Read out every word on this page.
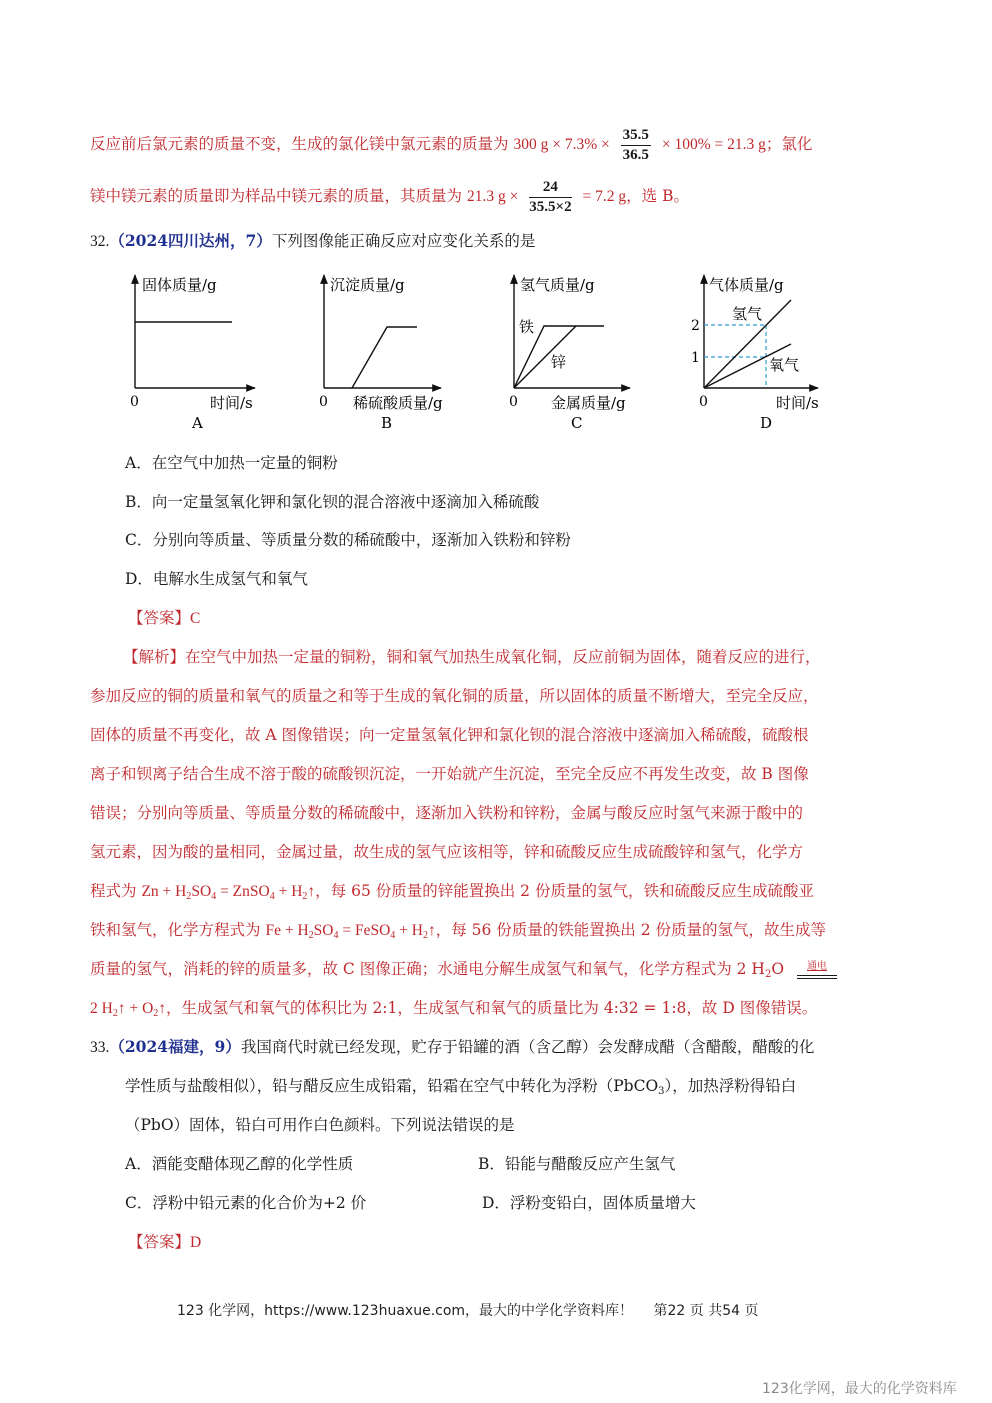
反应前后氯元素的质量不变，生成的氯化镁中氯元素的质量为 300 $g \times 7.3\% \times \frac{35.5}{36.5} \times 100\% = 21.3$ g；氯化
镁中镁元素的质量即为样品中镁元素的质量，其质量为 21.3 $g \times \frac{24}{35.5\times 2} = 7.2$ g，选 B。
32.（2024四川达州，7）下列图像能正确反应对应变化关系的是
固体质量/g
0	时间/s
A
沉淀质量/g
0 稀硫酸质量/g
B
氢气质量/g
铁
锌
0 金属质量/g
C
气体质量/g
氢气
氧气
2
1
0	时间/s
D
A．在空气中加热一定量的铜粉
B．向一定量氢氧化钾和氯化钡的混合溶液中逐滴加入稀硫酸
C．分别向等质量、等质量分数的稀硫酸中，逐渐加入铁粉和锌粉
D．电解水生成氢气和氧气
【答案】C
【解析】在空气中加热一定量的铜粉，铜和氧气加热生成氧化铜，反应前铜为固体，随着反应的进行，
参加反应的铜的质量和氧气的质量之和等于生成的氧化铜的质量，所以固体的质量不断增大，至完全反应，
固体的质量不再变化，故 A 图像错误；向一定量氢氧化钾和氯化钡的混合溶液中逐滴加入稀硫酸，硫酸根
离子和钡离子结合生成不溶于酸的硫酸钡沉淀，一开始就产生沉淀，至完全反应不再发生改变，故 B 图像
错误；分别向等质量、等质量分数的稀硫酸中，逐渐加入铁粉和锌粉，金属与酸反应时氢气来源于酸中的
氢元素，因为酸的量相同，金属过量，故生成的氢气应该相等，锌和硫酸反应生成硫酸锌和氢气，化学方
程式为 $Zn + H_2SO_4$ = ZnSO$_4$ + $H_2↑$，每 65 份质量的锌能置换出 2 份质量的氢气，铁和硫酸反应生成硫酸亚
铁和氢气，化学方程式为 $Fe + H_2SO_4$ = FeSO$_4$ + $H_2↑$，每 56 份质量的铁能置换出 2 份质量的氢气，故生成等
质量的氢气，消耗的锌的质量多，故 C 图像正确；水通电分解生成氢气和氧气，化学方程式为 2 $H_2O$	通电
2 $H_2↑$ + $O_2↑$，生成氢气和氧气的体积比为 2:1，生成氢气和氧气的质量比为 4:32 = 1:8，故 D 图像错误。
33.（2024福建，9）我国商代时就已经发现，贮存于铅罐的酒（含乙醇）会发酵成醋（含醋酸，醋酸的化
学性质与盐酸相似），铅与醋反应生成铅霜，铅霜在空气中转化为浮粉（PbCO$_3$），加热浮粉得铅白
（PbO）固体，铅白可用作白色颜料。下列说法错误的是
A．酒能变醋体现乙醇的化学性质	B．铅能与醋酸反应产生氢气
C．浮粉中铅元素的化合价为+2 价	D．浮粉变铅白，固体质量增大
【答案】D
123 化学网，https://www.123huaxue.com，最大的中学化学资料库！ 第22 页 共54 页
123化学网，最大的化学资料库
